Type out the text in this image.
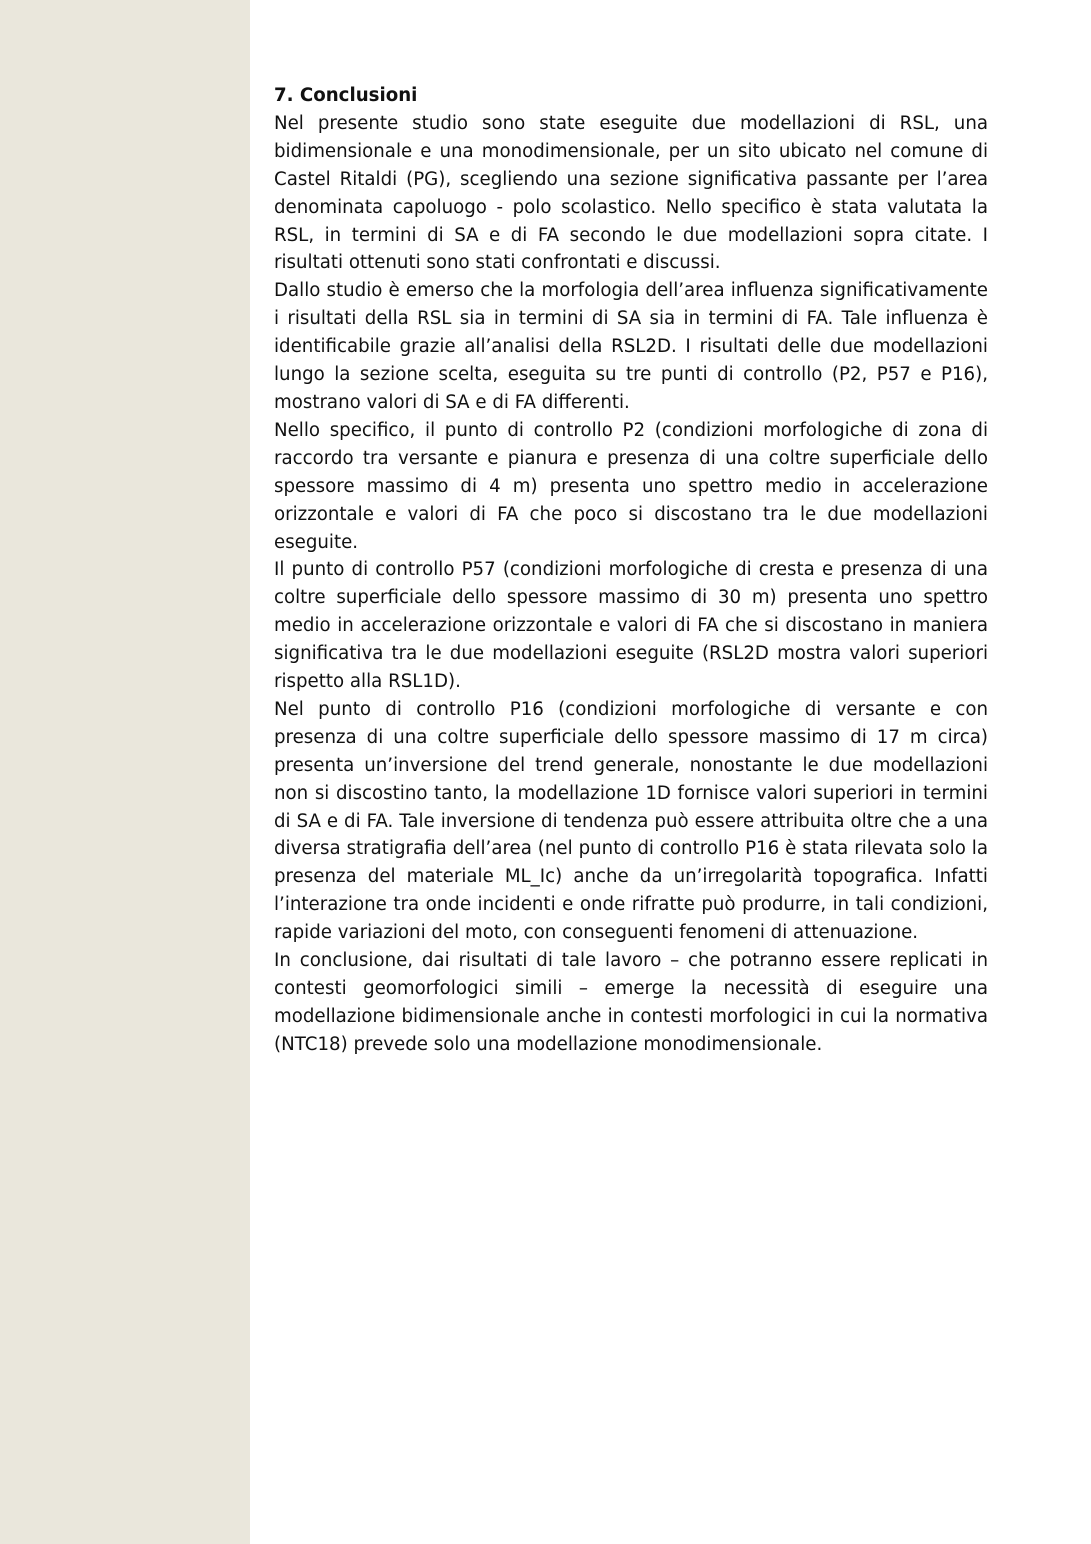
7. Conclusioni

Nel presente studio sono state eseguite due modellazioni di RSL, una bidimensionale e una monodimensionale, per un sito ubicato nel comune di Castel Ritaldi (PG), scegliendo una sezione significativa passante per l’area denominata capoluogo - polo scolastico. Nello specifico è stata valutata la RSL, in termini di SA e di FA secondo le due modellazioni sopra citate. I risultati ottenuti sono stati confrontati e discussi.

Dallo studio è emerso che la morfologia dell’area influenza significativamente i risultati della RSL sia in termini di SA sia in termini di FA. Tale influenza è identificabile grazie all’analisi della RSL2D. I risultati delle due modellazioni lungo la sezione scelta, eseguita su tre punti di controllo (P2, P57 e P16), mostrano valori di SA e di FA differenti.

Nello specifico, il punto di controllo P2 (condizioni morfologiche di zona di raccordo tra versante e pianura e presenza di una coltre superficiale dello spessore massimo di 4 m) presenta uno spettro medio in accelerazione orizzontale e valori di FA che poco si discostano tra le due modellazioni eseguite.

Il punto di controllo P57 (condizioni morfologiche di cresta e presenza di una coltre superficiale dello spessore massimo di 30 m) presenta uno spettro medio in accelerazione orizzontale e valori di FA che si discostano in maniera significativa tra le due modellazioni eseguite (RSL2D mostra valori superiori rispetto alla RSL1D).

Nel punto di controllo P16 (condizioni morfologiche di versante e con presenza di una coltre superficiale dello spessore massimo di 17 m circa) presenta un’inversione del trend generale, nonostante le due modellazioni non si discostino tanto, la modellazione 1D fornisce valori superiori in termini di SA e di FA. Tale inversione di tendenza può essere attribuita oltre che a una diversa stratigrafia dell’area (nel punto di controllo P16 è stata rilevata solo la presenza del materiale ML_Ic) anche da un’irregolarità topografica. Infatti l’interazione tra onde incidenti e onde rifratte può produrre, in tali condizioni, rapide variazioni del moto, con conseguenti fenomeni di attenuazione.

In conclusione, dai risultati di tale lavoro – che potranno essere replicati in contesti geomorfologici simili – emerge la necessità di eseguire una modellazione bidimensionale anche in contesti morfologici in cui la normativa (NTC18) prevede solo una modellazione monodimensionale.
